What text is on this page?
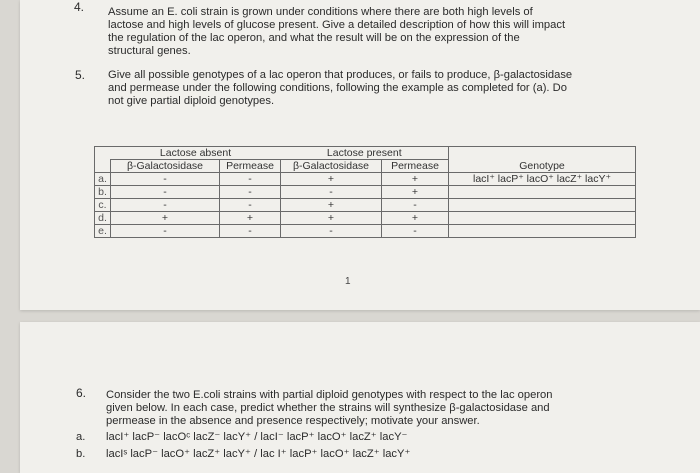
4. Assume an E. coli strain is grown under conditions where there are both high levels of
lactose and high levels of glucose present. Give a detailed description of how this will impact
the regulation of the lac operon, and what the result will be on the expression of the
structural genes.
5. Give all possible genotypes of a lac operon that produces, or fails to produce, β-galactosidase
and permease under the following conditions, following the example as completed for (a). Do
not give partial diploid genotypes.
	Lactose absent		Lactose present		
	β-Galactosidase	Permease	β-Galactosidase	Permease	Genotype
a.	-	-	+	+	lacI⁺ lacP⁺ lacO⁺ lacZ⁺ lacY⁺
b.	-	-	-	+	
c.	-	-	+	-	
d.	+	+	+	+	
e.	-	-	-	-	
1
6. Consider the two E.coli strains with partial diploid genotypes with respect to the lac operon
given below. In each case, predict whether the strains will synthesize β-galactosidase and
permease in the absence and presence respectively; motivate your answer.
a. lacI⁺ lacP⁻ lacOᶜ lacZ⁻ lacY⁺ / lacI⁻ lacP⁺ lacO⁺ lacZ⁺ lacY⁻
b. lacIˢ lacP⁻ lacO⁺ lacZ⁺ lacY⁺ / lac I⁺ lacP⁺ lacO⁺ lacZ⁺ lacY⁺
